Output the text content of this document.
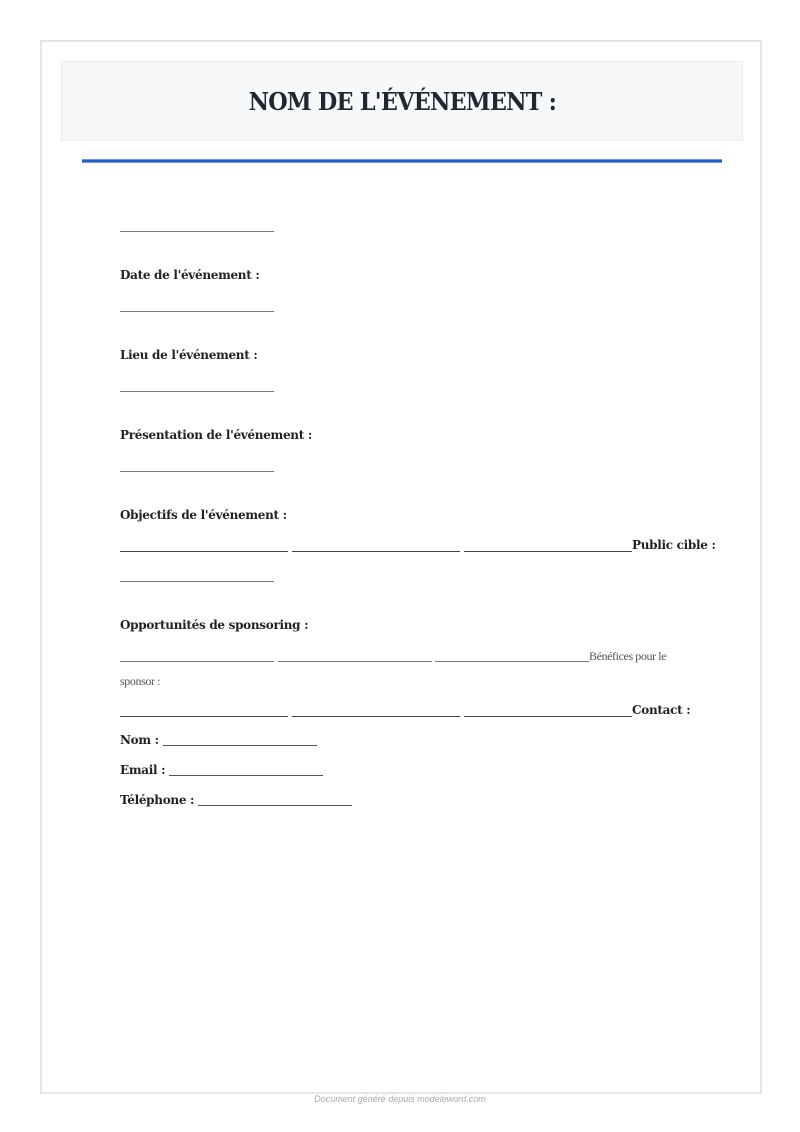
NOM DE L'ÉVÉNEMENT :
Date de l'événement :
Lieu de l'événement :
Présentation de l'événement :
Objectifs de l'événement :
Public cible :
Opportunités de sponsoring :
Bénéfices pour le
sponsor :
Contact :
Nom :
Email :
Téléphone :
Document généré depuis modeleword.com
